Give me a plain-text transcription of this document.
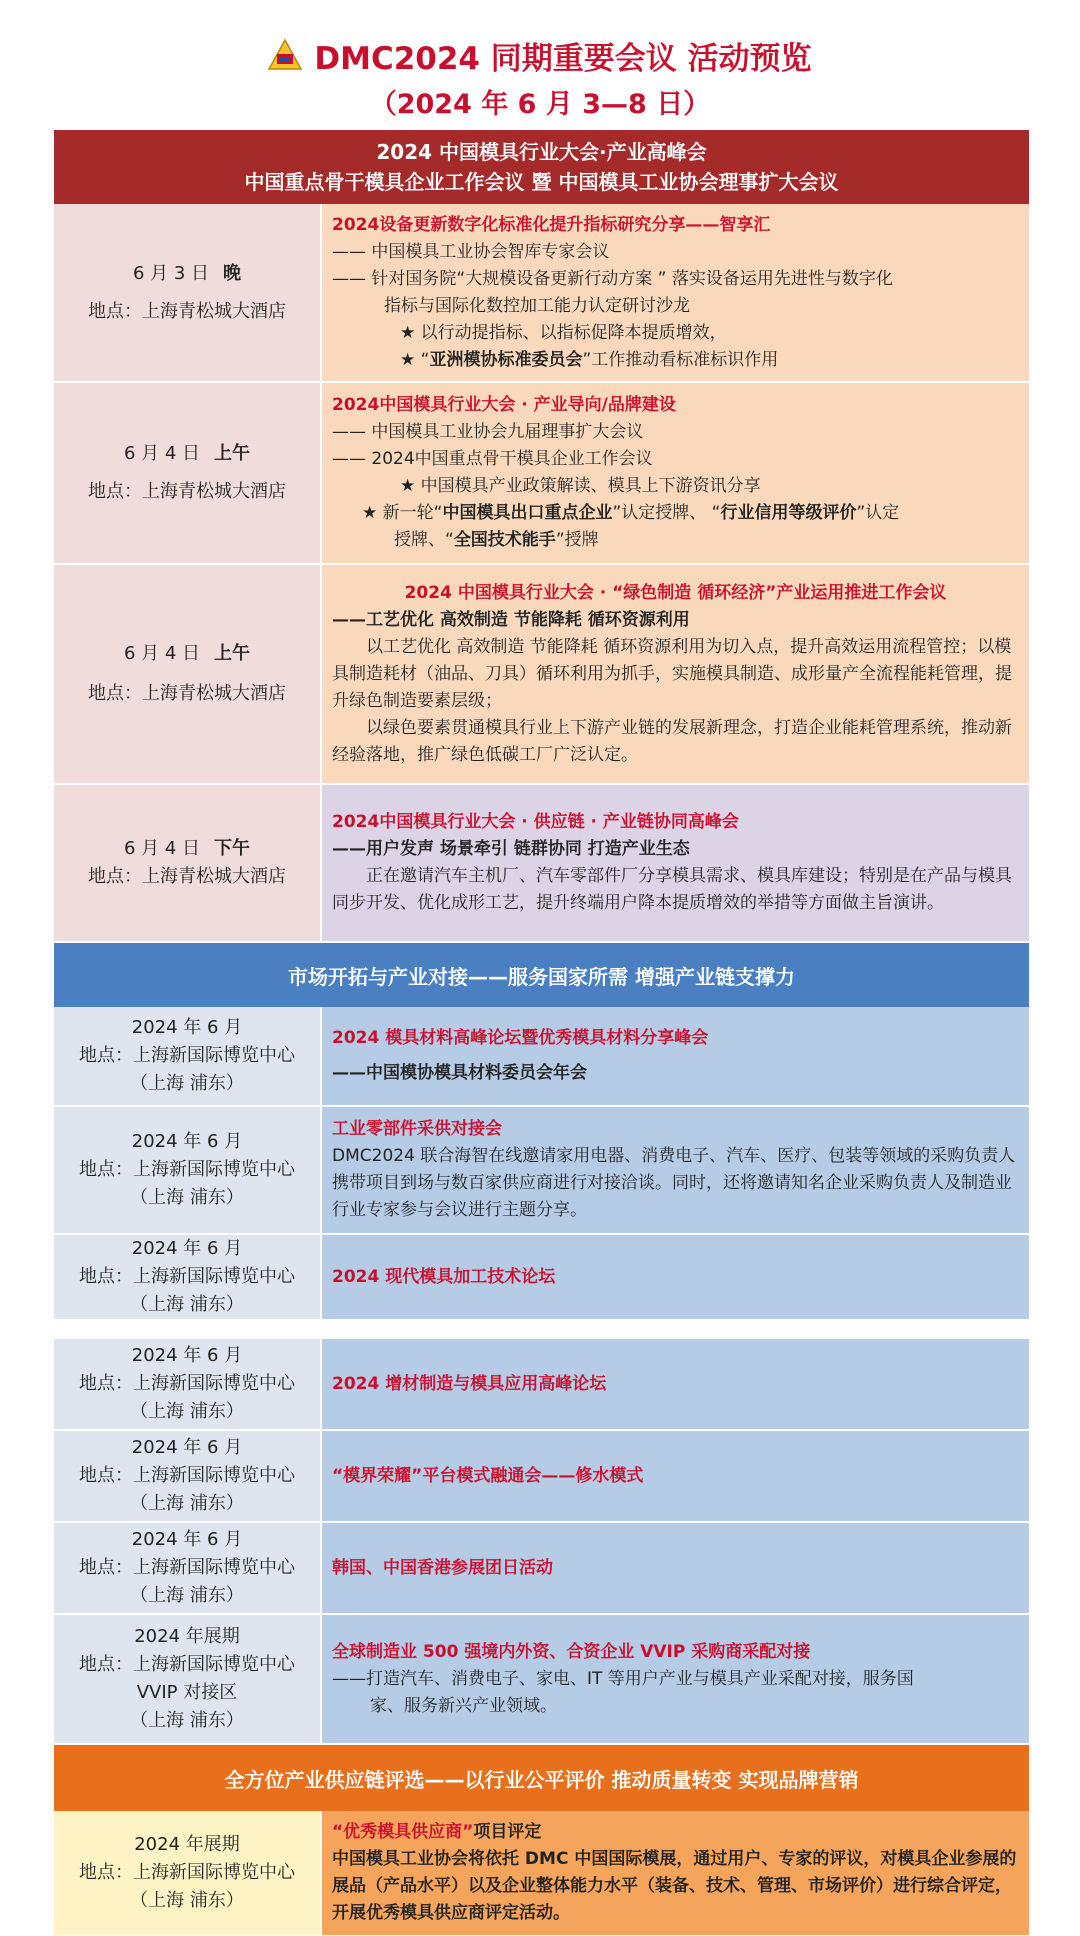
DMC2024 同期重要会议 活动预览
（2024 年 6 月 3—8 日）
2024 中国模具行业大会·产业高峰会
中国重点骨干模具企业工作会议 暨 中国模具工业协会理事扩大会议

6 月 3 日 晚

地点：上海青松城大酒店

2024设备更新数字化标准化提升指标研究分享——智享汇

—— 中国模具工业协会智库专家会议

—— 针对国务院“大规模设备更新行动方案 ” 落实设备运用先进性与数字化

指标与国际化数控加工能力认定研讨沙龙

★ 以行动提指标、以指标促降本提质增效，

★ “亚洲模协标准委员会”工作推动看标准标识作用

6 月 4 日 上午

地点：上海青松城大酒店

2024中国模具行业大会 · 产业导向/品牌建设

—— 中国模具工业协会九届理事扩大会议

—— 2024中国重点骨干模具企业工作会议

★ 中国模具产业政策解读、模具上下游资讯分享

★ 新一轮“中国模具出口重点企业”认定授牌、 “行业信用等级评价”认定

授牌、“全国技术能手”授牌

6 月 4 日 上午

地点：上海青松城大酒店

2024 中国模具行业大会 · “绿色制造 循环经济”产业运用推进工作会议

——工艺优化 高效制造 节能降耗 循环资源利用

以工艺优化 高效制造 节能降耗 循环资源利用为切入点，提升高效运用流程管控；以模具制造耗材（油品、刀具）循环利用为抓手，实施模具制造、成形量产全流程能耗管理，提升绿色制造要素层级；

以绿色要素贯通模具行业上下游产业链的发展新理念，打造企业能耗管理系统，推动新经验落地，推广绿色低碳工厂广泛认定。

6 月 4 日 下午

地点：上海青松城大酒店

2024中国模具行业大会 · 供应链 · 产业链协同高峰会

——用户发声 场景牵引 链群协同 打造产业生态

正在邀请汽车主机厂、汽车零部件厂分享模具需求、模具库建设；特别是在产品与模具同步开发、优化成形工艺，提升终端用户降本提质增效的举措等方面做主旨演讲。

市场开拓与产业对接——服务国家所需 增强产业链支撑力

2024 年 6 月

地点：上海新国际博览中心

（上海 浦东）

2024 模具材料高峰论坛暨优秀模具材料分享峰会

——中国模协模具材料委员会年会

2024 年 6 月

地点：上海新国际博览中心

（上海 浦东）

工业零部件采供对接会

DMC2024 联合海智在线邀请家用电器、消费电子、汽车、医疗、包装等领域的采购负责人携带项目到场与数百家供应商进行对接洽谈。同时，还将邀请知名企业采购负责人及制造业行业专家参与会议进行主题分享。

2024 年 6 月

地点：上海新国际博览中心

（上海 浦东）

2024 现代模具加工技术论坛

2024 年 6 月

地点：上海新国际博览中心

（上海 浦东）

2024 增材制造与模具应用高峰论坛

2024 年 6 月

地点：上海新国际博览中心

（上海 浦东）

“模界荣耀”平台模式融通会——修水模式

2024 年 6 月

地点：上海新国际博览中心

（上海 浦东）

韩国、中国香港参展团日活动

2024 年展期

地点：上海新国际博览中心

VVIP 对接区

（上海 浦东）

全球制造业 500 强境内外资、合资企业 VVIP 采购商采配对接

——打造汽车、消费电子、家电、IT 等用户产业与模具产业采配对接，服务国

家、服务新兴产业领域。

全方位产业供应链评选——以行业公平评价 推动质量转变 实现品牌营销

2024 年展期

地点：上海新国际博览中心

（上海 浦东）

“优秀模具供应商”项目评定

中国模具工业协会将依托 DMC 中国国际模展，通过用户、专家的评议，对模具企业参展的展品（产品水平）以及企业整体能力水平（装备、技术、管理、市场评价）进行综合评定，开展优秀模具供应商评定活动。
